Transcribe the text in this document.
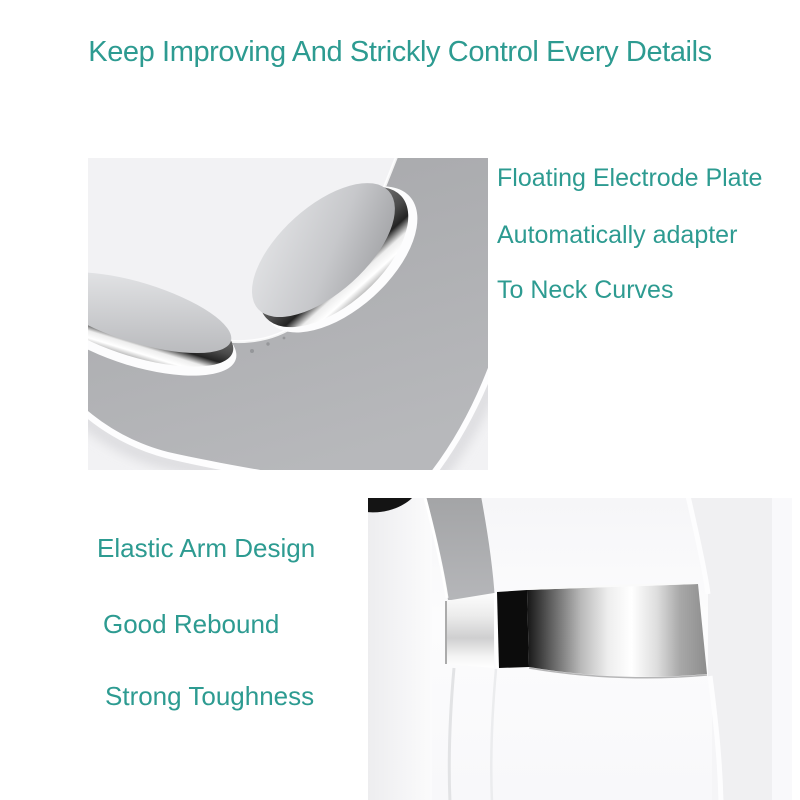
Keep Improving And Strickly Control Every Details
Floating Electrode Plate
Automatically adapter
To Neck Curves
Elastic Arm Design
Good Rebound
Strong Toughness
